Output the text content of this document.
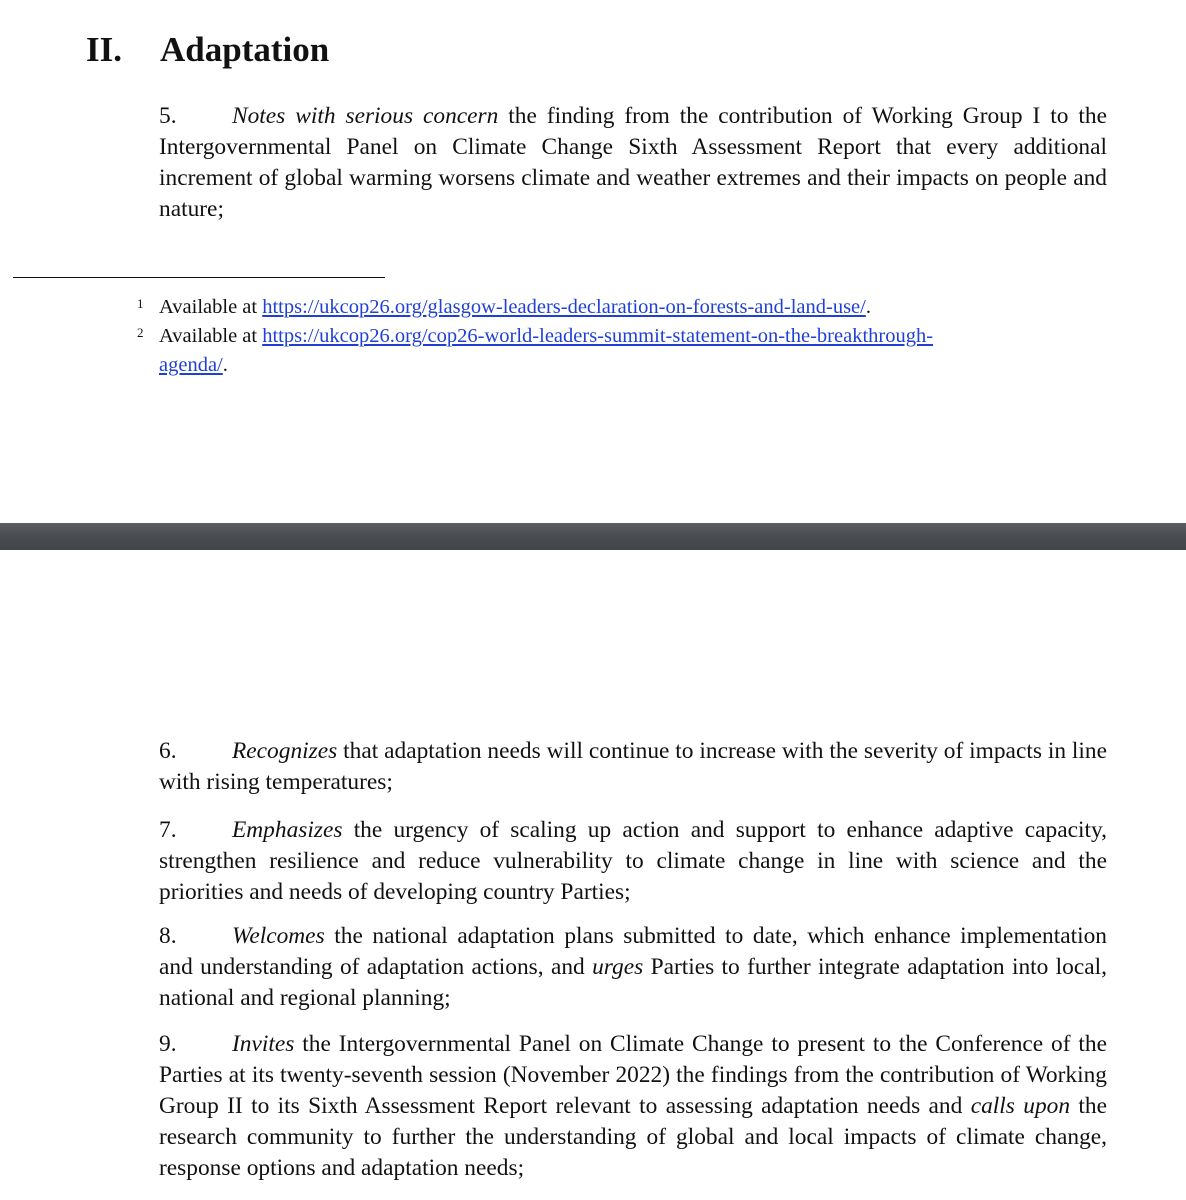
II. Adaptation

5. Notes with serious concern the finding from the contribution of Working Group I to the Intergovernmental Panel on Climate Change Sixth Assessment Report that every additional increment of global warming worsens climate and weather extremes and their impacts on people and nature;

1 Available at https://ukcop26.org/glasgow-leaders-declaration-on-forests-and-land-use/.

2 Available at https://ukcop26.org/cop26-world-leaders-summit-statement-on-the-breakthrough-
agenda/.

6. Recognizes that adaptation needs will continue to increase with the severity of impacts in line with rising temperatures;

7. Emphasizes the urgency of scaling up action and support to enhance adaptive capacity, strengthen resilience and reduce vulnerability to climate change in line with science and the priorities and needs of developing country Parties;

8. Welcomes the national adaptation plans submitted to date, which enhance implementation and understanding of adaptation actions, and urges Parties to further integrate adaptation into local, national and regional planning;

9. Invites the Intergovernmental Panel on Climate Change to present to the Conference of the Parties at its twenty-seventh session (November 2022) the findings from the contribution of Working Group II to its Sixth Assessment Report relevant to assessing adaptation needs and calls upon the research community to further the understanding of global and local impacts of climate change, response options and adaptation needs;
